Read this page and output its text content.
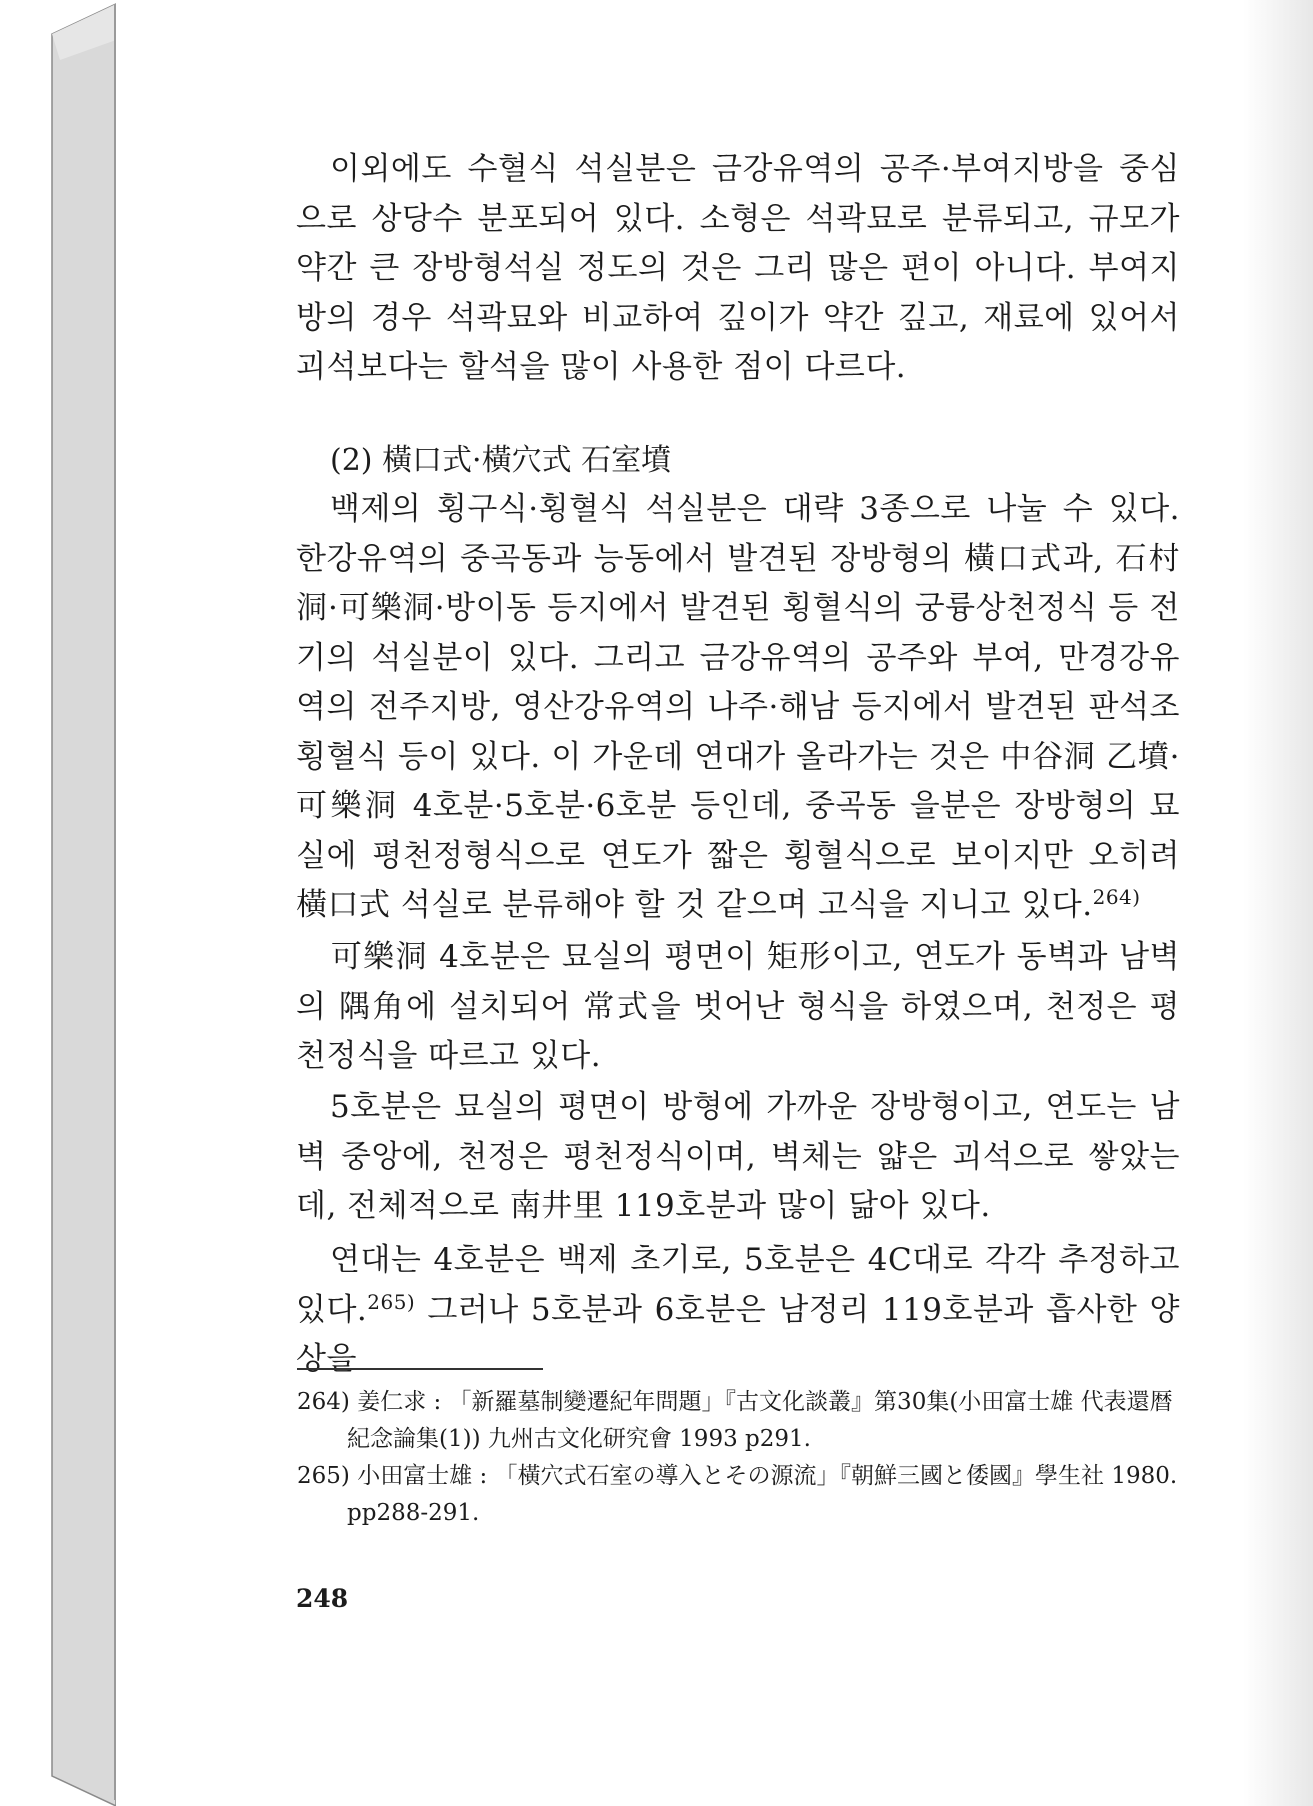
이외에도 수혈식 석실분은 금강유역의 공주·부여지방을 중심으로 상당수 분포되어 있다. 소형은 석곽묘로 분류되고, 규모가 약간 큰 장방형석실 정도의 것은 그리 많은 편이 아니다. 부여지방의 경우 석곽묘와 비교하여 깊이가 약간 깊고, 재료에 있어서 괴석보다는 할석을 많이 사용한 점이 다르다.

(2) 橫口式·橫穴式 石室墳

백제의 횡구식·횡혈식 석실분은 대략 3종으로 나눌 수 있다. 한강유역의 중곡동과 능동에서 발견된 장방형의 橫口式과, 石村洞·可樂洞·방이동 등지에서 발견된 횡혈식의 궁륭상천정식 등 전기의 석실분이 있다. 그리고 금강유역의 공주와 부여, 만경강유역의 전주지방, 영산강유역의 나주·해남 등지에서 발견된 판석조횡혈식 등이 있다. 이 가운데 연대가 올라가는 것은 中谷洞 乙墳·可樂洞 4호분·5호분·6호분 등인데, 중곡동 을분은 장방형의 묘실에 평천정형식으로 연도가 짧은 횡혈식으로 보이지만 오히려 橫口式 석실로 분류해야 할 것 같으며 고식을 지니고 있다.$^{264)}$

可樂洞 4호분은 묘실의 평면이 矩形이고, 연도가 동벽과 남벽의 隅角에 설치되어 常式을 벗어난 형식을 하였으며, 천정은 평천정식을 따르고 있다.

5호분은 묘실의 평면이 방형에 가까운 장방형이고, 연도는 남벽 중앙에, 천정은 평천정식이며, 벽체는 얇은 괴석으로 쌓았는데, 전체적으로 南井里 119호분과 많이 닮아 있다.

연대는 4호분은 백제 초기로, 5호분은 4C대로 각각 추정하고 있다.$^{265)}$ 그러나 5호분과 6호분은 남정리 119호분과 흡사한 양상을

264) 姜仁求 : 「新羅墓制變遷紀年問題」『古文化談叢』第30集(小田富士雄 代表還暦
紀念論集(1)) 九州古文化研究會 1993 p291.

265) 小田富士雄 : 「橫穴式石室の導入とその源流」『朝鮮三國と倭國』學生社 1980.
pp288-291.

248
